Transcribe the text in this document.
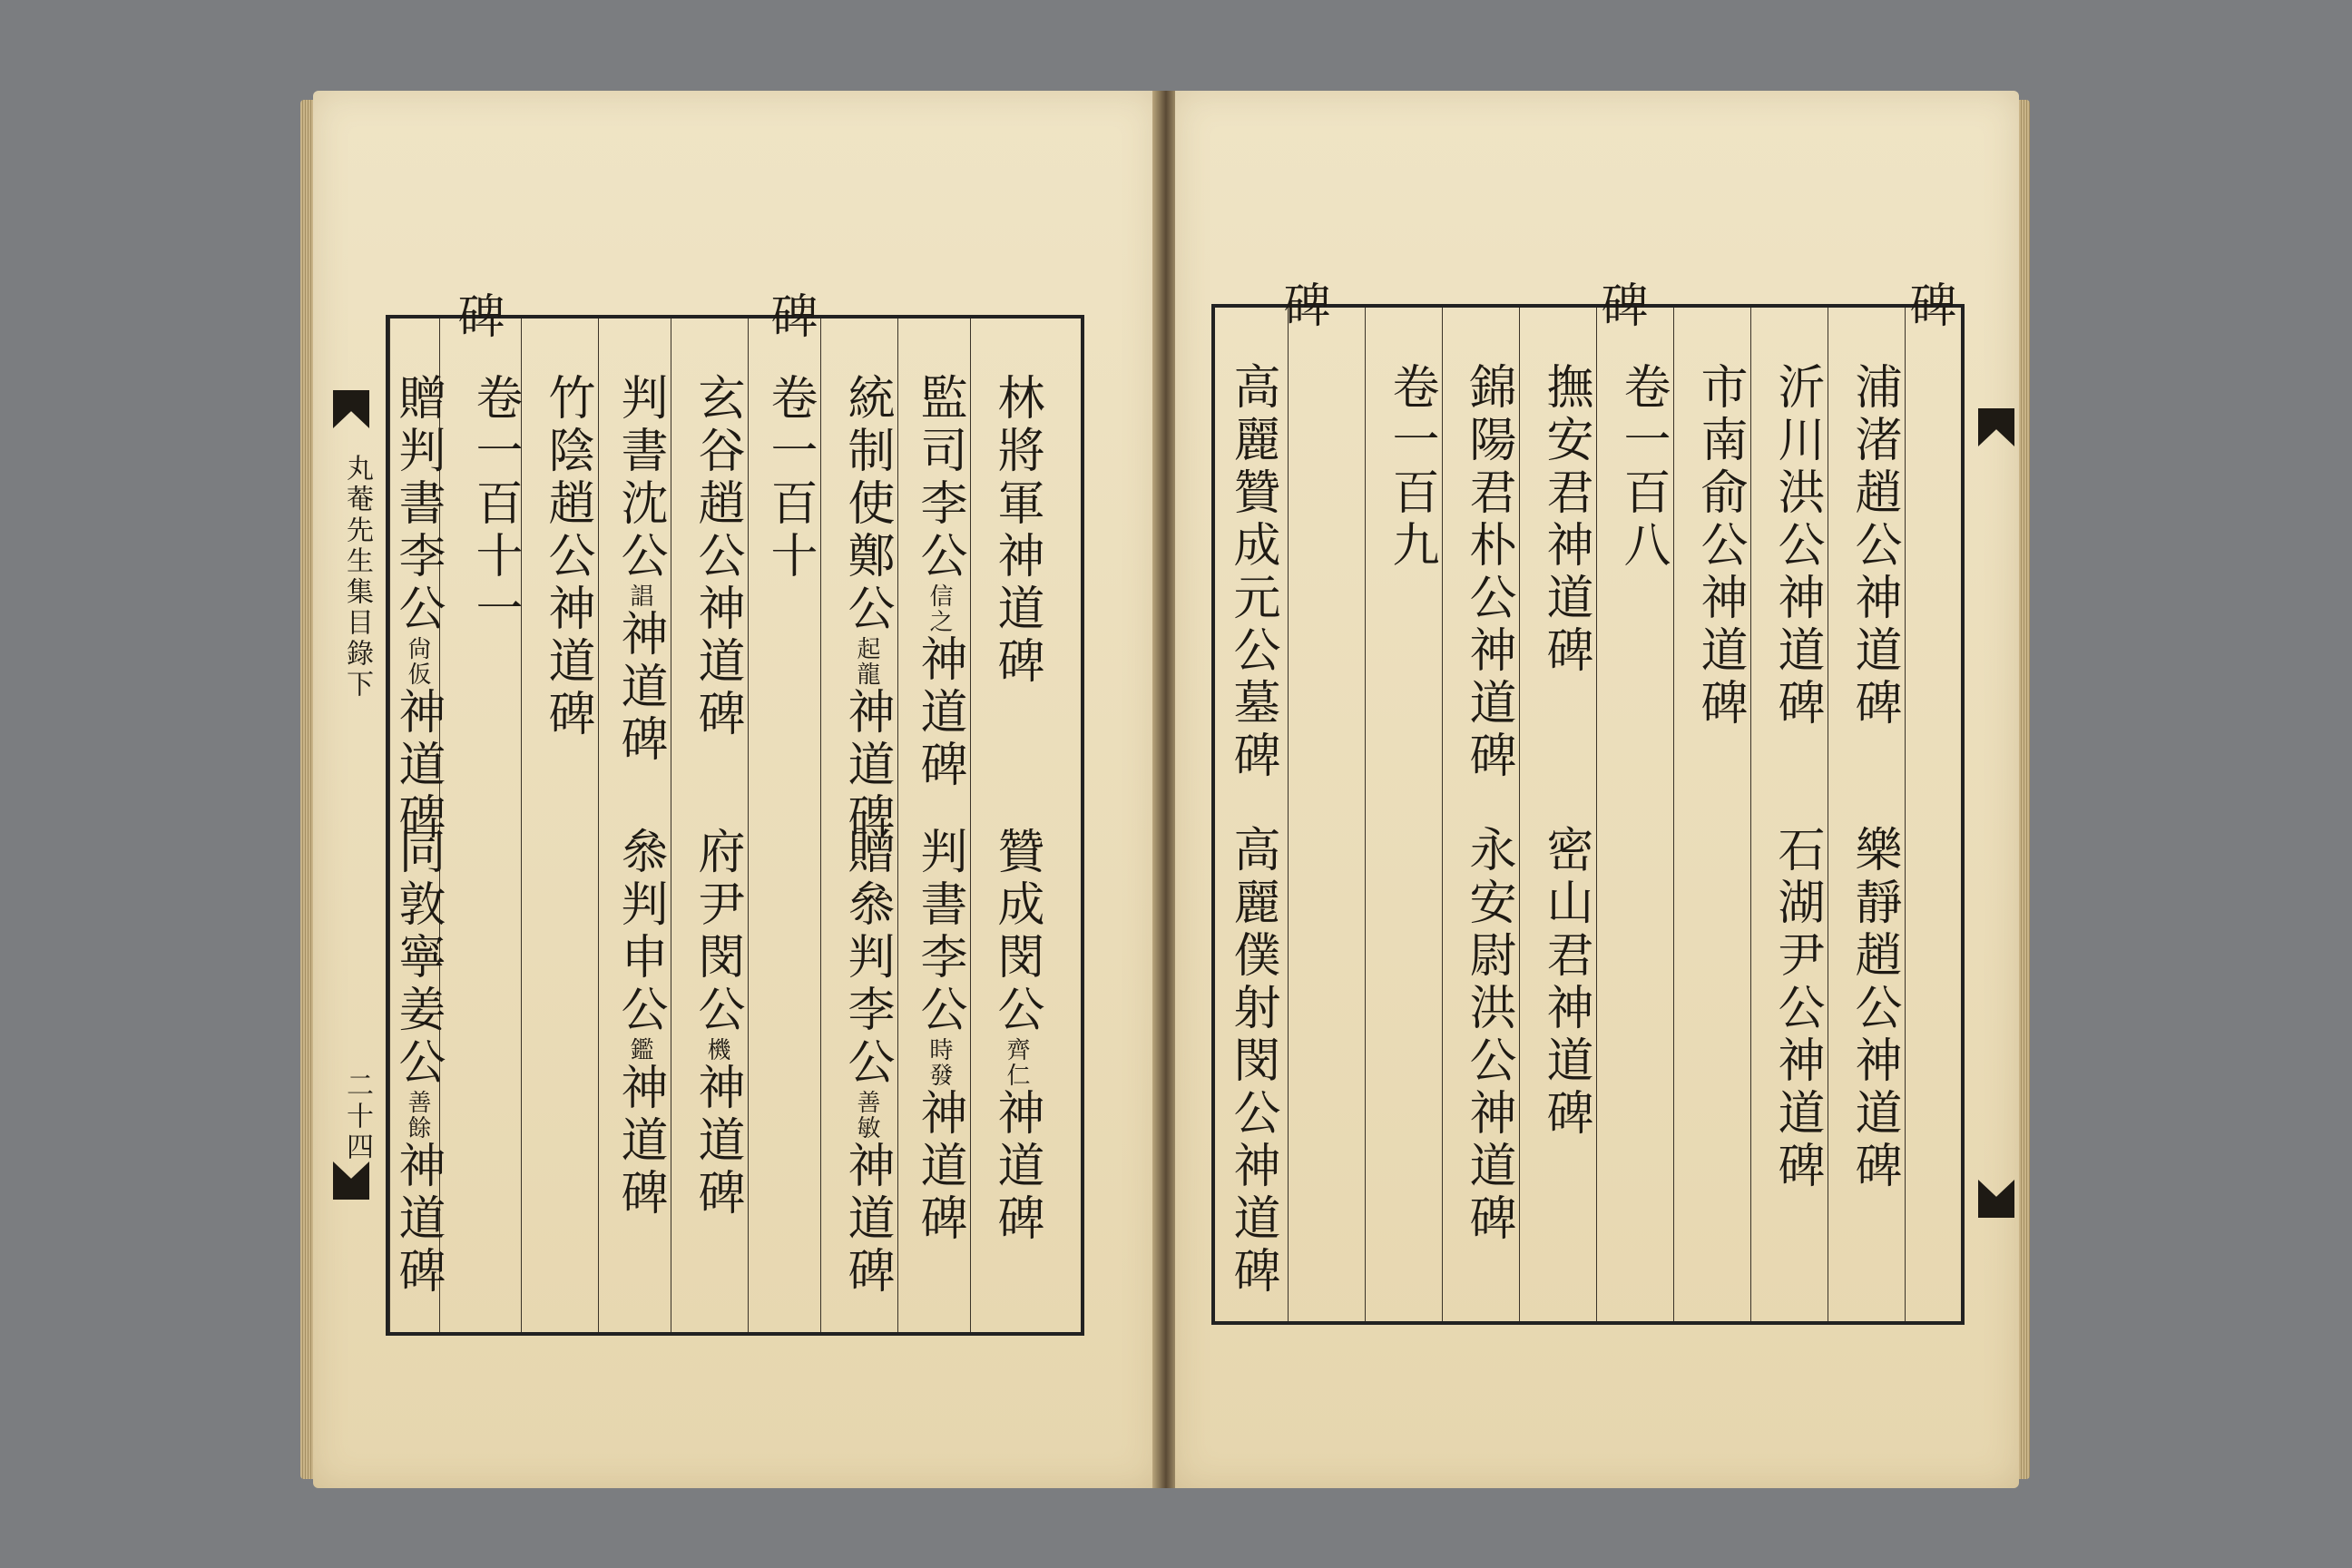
丸菴先生集目錄下
二十四
林將軍神道碑
贊成閔公齊仁神道碑
監司李公信之神道碑
判書李公時發神道碑
統制使鄭公起龍神道碑
贈叅判李公善敏神道碑
卷一百十
碑
玄谷趙公神道碑
府尹閔公機神道碑
判書沈公誯神道碑
叅判申公鑑神道碑
竹陰趙公神道碑
卷一百十一
碑
贈判書李公尙仮神道碑
同敦寧姜公善餘神道碑
碑
浦渚趙公神道碑
樂靜趙公神道碑
沂川洪公神道碑
石湖尹公神道碑
市南俞公神道碑
卷一百八
碑
撫安君神道碑
密山君神道碑
錦陽君朴公神道碑
永安尉洪公神道碑
卷一百九
碑
高麗贊成元公墓碑
高麗僕射閔公神道碑
